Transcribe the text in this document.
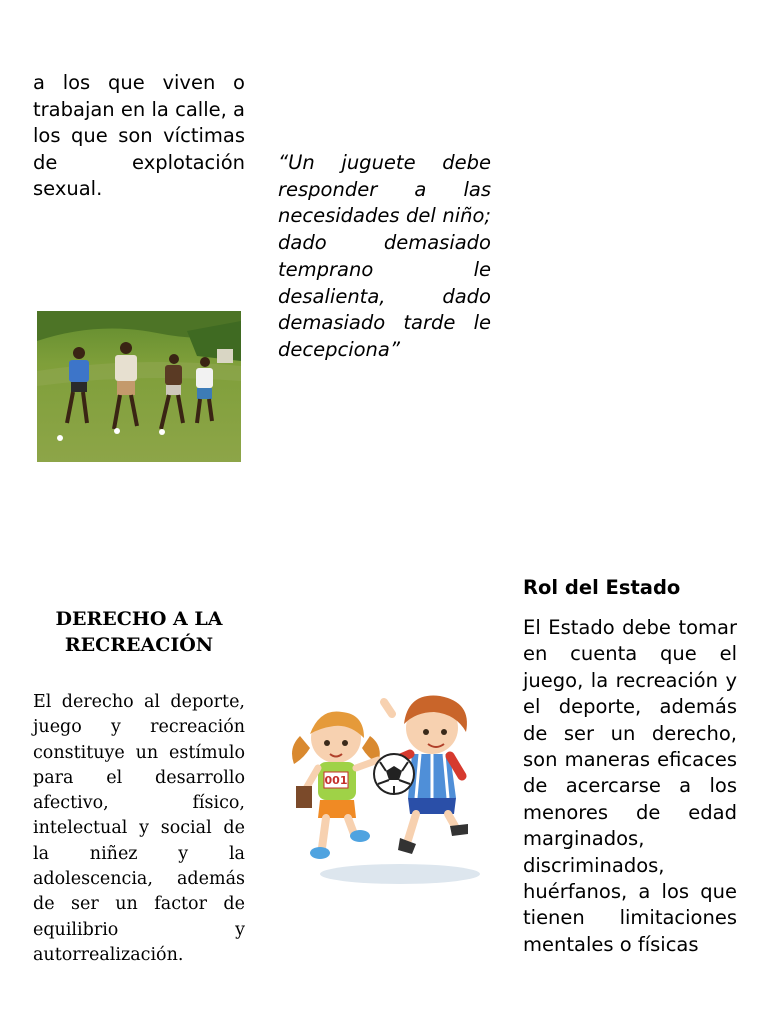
a los que viven o trabajan en la calle, a los que son víctimas de explotación sexual.
“Un juguete debe responder a las necesidades del niño; dado demasiado temprano le desalienta, dado demasiado tarde le decepciona”
DERECHO A LA RECREACIÓN
El derecho al deporte, juego y recreación constituye un estímulo para el desarrollo afectivo, físico, intelectual y social de la niñez y la adolescencia, además de ser un factor de equilibrio y autorrealización.
001
Rol del Estado
El Estado debe tomar en cuenta que el juego, la recreación y el deporte, además de ser un derecho, son maneras eficaces de acercarse a los menores de edad marginados, discriminados, huérfanos, a los que tienen limitaciones mentales o físicas
